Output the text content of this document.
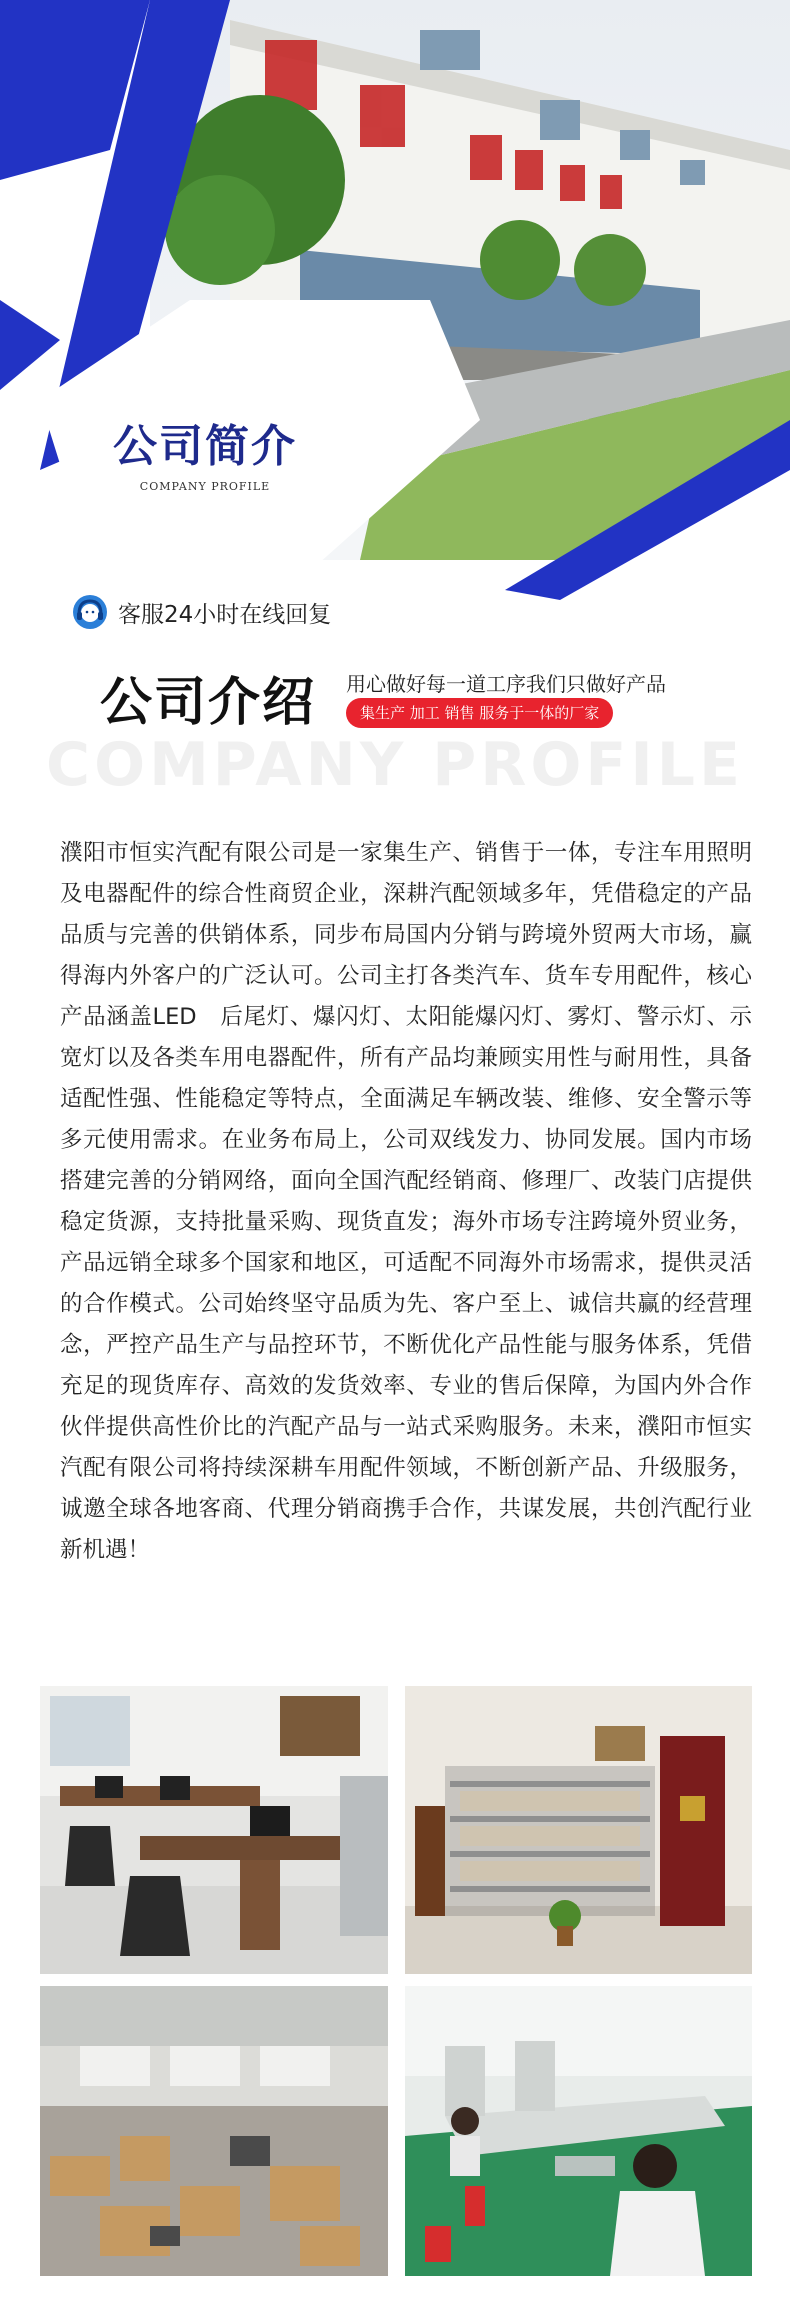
公司简介
COMPANY PROFILE
客服24小时在线回复
COMPANY PROFILE
公司介绍 用心做好每一道工序我们只做好产品
集生产 加工 销售 服务于一体的厂家

濮阳市恒实汽配有限公司是一家集生产、销售于一体，专注车用照明及电器配件的综合性商贸企业，深耕汽配领域多年，凭借稳定的产品品质与完善的供销体系，同步布局国内分销与跨境外贸两大市场，赢得海内外客户的广泛认可。公司主打各类汽车、货车专用配件，核心产品涵盖LED　后尾灯、爆闪灯、太阳能爆闪灯、雾灯、警示灯、示宽灯以及各类车用电器配件，所有产品均兼顾实用性与耐用性，具备适配性强、性能稳定等特点，全面满足车辆改装、维修、安全警示等多元使用需求。在业务布局上，公司双线发力、协同发展。国内市场搭建完善的分销网络，面向全国汽配经销商、修理厂、改装门店提供稳定货源，支持批量采购、现货直发；海外市场专注跨境外贸业务，产品远销全球多个国家和地区，可适配不同海外市场需求，提供灵活的合作模式。公司始终坚守品质为先、客户至上、诚信共赢的经营理念，严控产品生产与品控环节，不断优化产品性能与服务体系，凭借充足的现货库存、高效的发货效率、专业的售后保障，为国内外合作伙伴提供高性价比的汽配产品与一站式采购服务。未来，濮阳市恒实汽配有限公司将持续深耕车用配件领域，不断创新产品、升级服务，诚邀全球各地客商、代理分销商携手合作，共谋发展，共创汽配行业新机遇！
